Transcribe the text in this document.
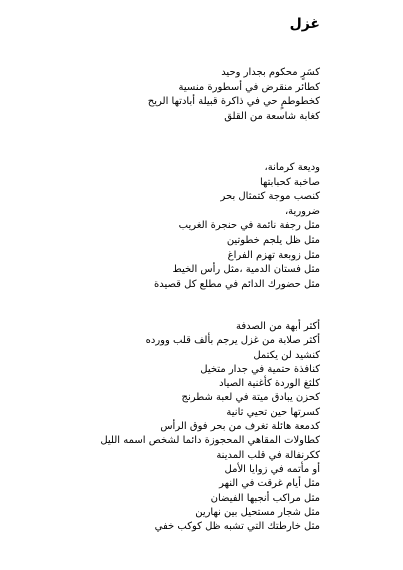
غزل
كسَرٍ محكوم بجدار وحيد
كطائر منقرض في أسطورة منسية
كخطوطمٍ حي في ذاكرة قبيلة أبادتها الريح
كغابة شاسعة من القلق
وديعة كرمانة،
صاخبة كحبابتها
كنصب موجة كتمثال بحر
ضرورية،
مثل رجفة نائمة في حنجرة الغريب
مثل ظل يلجم خطوتين
مثل زوبعة تهزم الفراغ
مثل فستان الدمية ،مثل رأس الخيط
مثل حضورك الدائم في مطلع كل قصيدة
أكثر أبهة من الصدفة
أكثر صلابة من غزل يرجم بألف قلب وورده
كنشيد لن يكتمل
كنافذة حتمية في جدار متخيل
كلثغ الوردة كأغنية الصياد
كحزن يبادق ميتة في لعبة شطرنج
كسرتها حين تحيي ثانية
كدمعة هائلة تغرف من بحر فوق الرأس
كطاولات المقاهي المحجوزة دائما لشخص اسمه الليل
ككرنفالة في قلب المدينة
أو مأتمه في زوايا الأمل
مثل أيام غرقت في النهر
مثل مراكب أنجبها الفيضان
مثل شجار مستحيل بين نهارين
مثل خارطتك التي تشبه ظل كوكب خفي
